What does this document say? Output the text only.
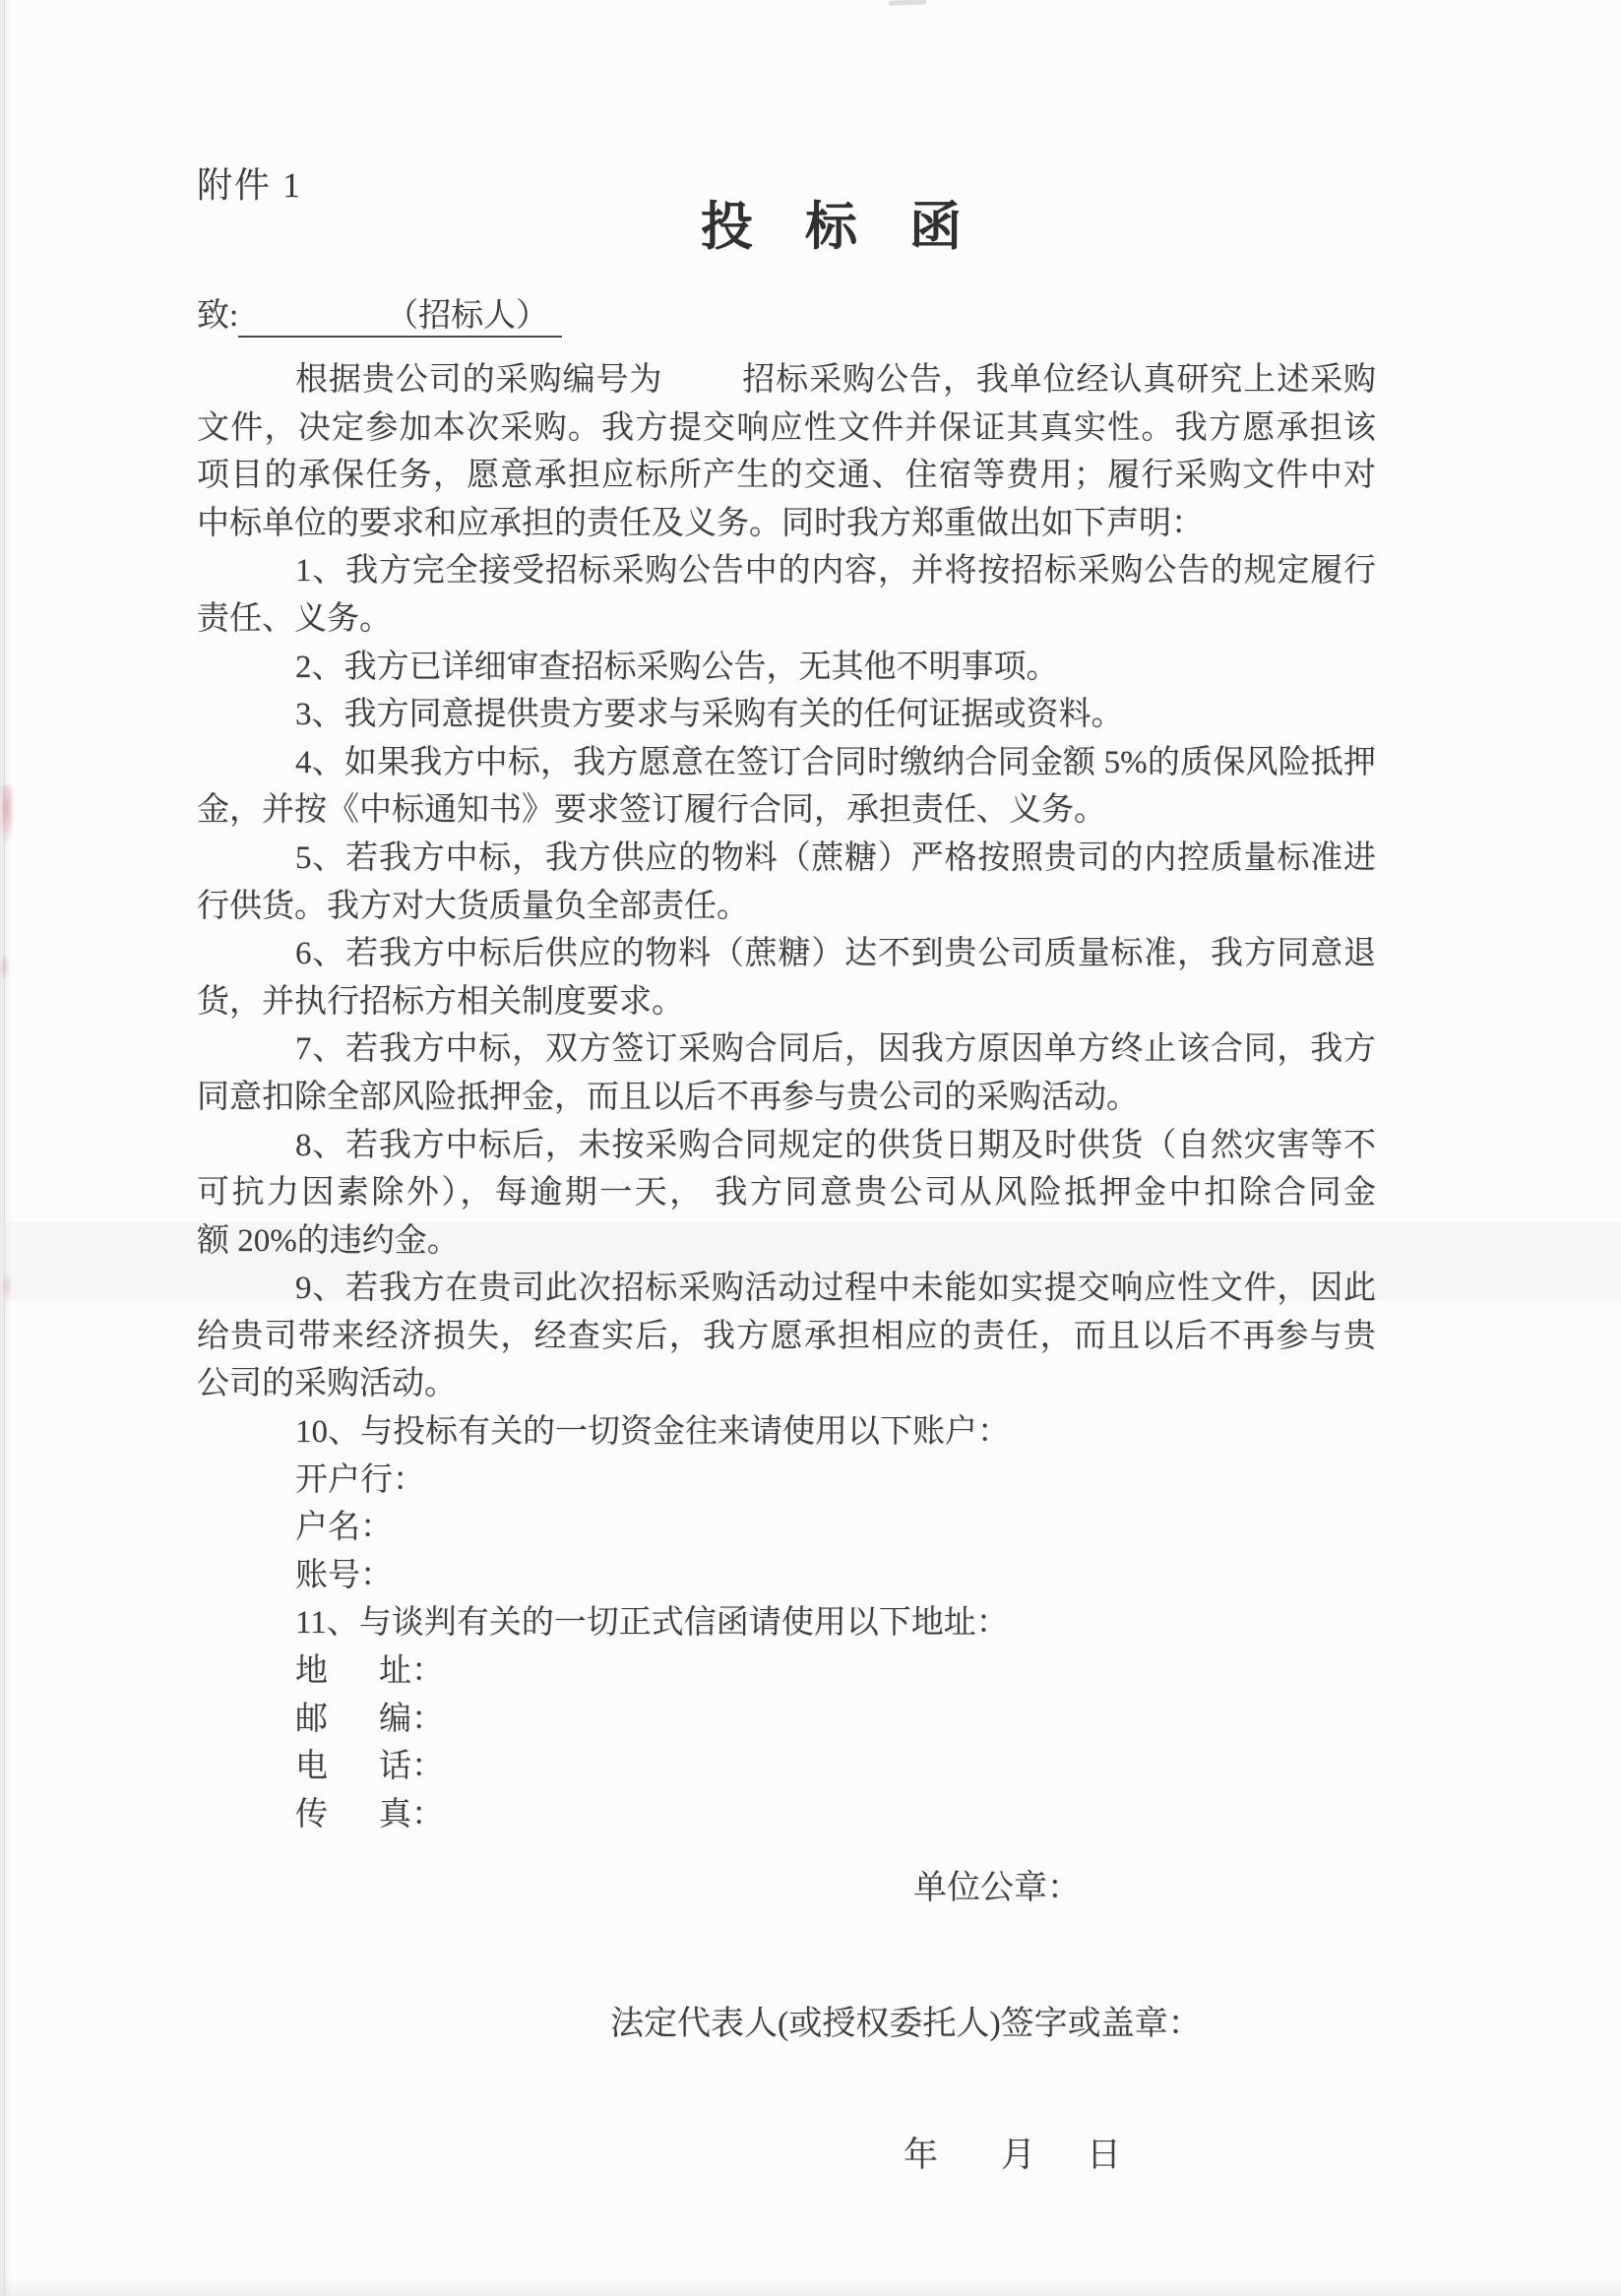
附件 1
投标函
致:	（招标人）
根据贵公司的采购编号为 招标采购公告，我单位经认真研究上述采购
文件，决定参加本次采购。我方提交响应性文件并保证其真实性。我方愿承担该
项目的承保任务，愿意承担应标所产生的交通、住宿等费用；履行采购文件中对
中标单位的要求和应承担的责任及义务。同时我方郑重做出如下声明：
1、我方完全接受招标采购公告中的内容，并将按招标采购公告的规定履行
责任、义务。
2、我方已详细审查招标采购公告，无其他不明事项。
3、我方同意提供贵方要求与采购有关的任何证据或资料。
4、如果我方中标，我方愿意在签订合同时缴纳合同金额 5%的质保风险抵押
金，并按《中标通知书》要求签订履行合同，承担责任、义务。
5、若我方中标，我方供应的物料（蔗糖）严格按照贵司的内控质量标准进
行供货。我方对大货质量负全部责任。
6、若我方中标后供应的物料（蔗糖）达不到贵公司质量标准，我方同意退
货，并执行招标方相关制度要求。
7、若我方中标，双方签订采购合同后，因我方原因单方终止该合同，我方
同意扣除全部风险抵押金，而且以后不再参与贵公司的采购活动。
8、若我方中标后，未按采购合同规定的供货日期及时供货（自然灾害等不
可抗力因素除外），每逾期一天， 我方同意贵公司从风险抵押金中扣除合同金
额 20%的违约金。
9、若我方在贵司此次招标采购活动过程中未能如实提交响应性文件，因此
给贵司带来经济损失，经查实后，我方愿承担相应的责任，而且以后不再参与贵
公司的采购活动。
10、与投标有关的一切资金往来请使用以下账户：
开户行：
户名：
账号：
11、与谈判有关的一切正式信函请使用以下地址：
地 址：
邮 编：
电 话：
传 真：
单位公章：
法定代表人(或授权委托人)签字或盖章：
年 月 日
